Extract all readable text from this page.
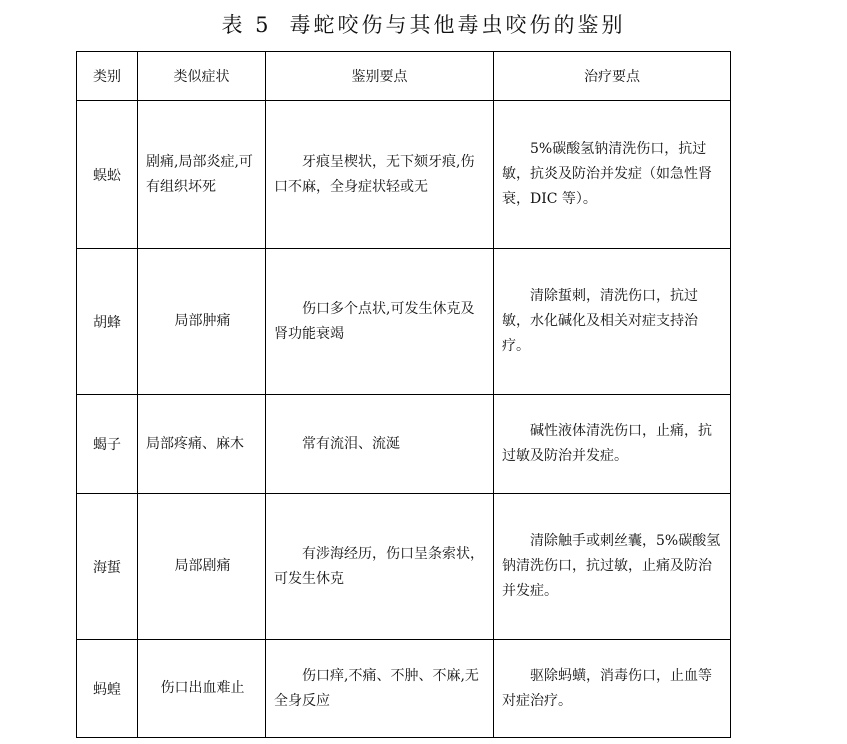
表 5 毒蛇咬伤与其他毒虫咬伤的鉴别
类别	类似症状	鉴别要点	治疗要点
蜈蚣	剧痛,局部炎症,可有组织坏死	牙痕呈楔状，无下颏牙痕,伤口不麻，全身症状轻或无	5%碳酸氢钠清洗伤口，抗过敏，抗炎及防治并发症（如急性肾衰，DIC 等）。

胡蜂	局部肿痛	伤口多个点状,可发生休克及肾功能衰竭	清除蜇刺，清洗伤口，抗过敏，水化碱化及相关对症支持治疗。

蝎子	局部疼痛、麻木	常有流泪、流涎	碱性液体清洗伤口，止痛，抗过敏及防治并发症。

海蜇	局部剧痛	有涉海经历，伤口呈条索状，可发生休克	清除触手或刺丝囊，5%碳酸氢钠清洗伤口，抗过敏，止痛及防治并发症。

蚂蝗	伤口出血难止	伤口痒,不痛、不肿、不麻,无全身反应	驱除蚂蟥，消毒伤口，止血等对症治疗。
